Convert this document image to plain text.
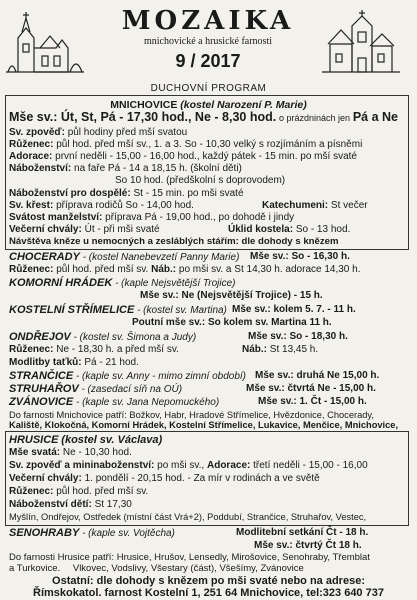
MOZAIKA
mnichovické a hrusické farnosti
9 / 2017
DUCHOVNÍ PROGRAM
MNICHOVICE (kostel Narození P. Marie)
Mše sv.: Út, St, Pá - 17,30 hod., Ne - 8,30 hod. o prázdninách jen Pá a Ne
Sv. zpověď: půl hodiny před mší svatou
Růženec: půl hod. před mší sv., 1. a 3. So - 10,30 velký s rozjímáním a písněmi
Adorace: první neděli - 15,00 - 16,00 hod., každý pátek - 15 min. po mší svaté
Náboženství: na faře Pá - 14 a 18,15 h. (školní děti)
So 10 hod. (předškolní s doprovodem)
Náboženství pro dospělé: St - 15 min. po mši svaté
Sv. křest: příprava rodičů So - 14,00 hod.	Katechumeni: St večer
Svátost manželství: příprava Pá - 19,00 hod., po dohodě i jindy
Večerní chvály: Út - při mši svaté	Úklid kostela: So - 13 hod.
Návštěva kněze u nemocných a zesláblých stářím: dle dohody s knězem
CHOCERADY - (kostel Nanebevzetí Panny Marie) Mše sv.: So - 16,30 h.
Růženec: půl hod. před mší sv. Náb.: po mši sv. a St 14,30 h. adorace 14,30 h.
KOMORNÍ HRÁDEK - (kaple Nejsvětější Trojice)
Mše sv.: Ne (Nejsvětější Trojice) - 15 h.
KOSTELNÍ STŘÍMELICE - (kostel sv. Martina) Mše sv.: kolem 5. 7. - 11 h.
Poutní mše sv.: So kolem sv. Martina 11 h.
ONDŘEJOV - (kostel sv. Šimona a Judy)	Mše sv.: So - 18,30 h.
Růženec: Ne - 18,30 h. a před mší sv.	Náb.: St 13,45 h.
Modlitby taťků: Pá - 21 hod.
STRANČICE - (kaple sv. Anny - mimo zimní období) Mše sv.: druhá Ne 15,00 h.
STRUHAŘOV - (zasedací síň na OÚ)	Mše sv.: čtvrtá Ne - 15,00 h.
ZVÁNOVICE - (kaple sv. Jana Nepomuckého)	Mše sv.: 1. Čt - 15,00 h.
Do farnosti Mnichovice patří: Božkov, Habr, Hradové Střímelice, Hvězdonice, Chocerady,
Kaliště, Klokočná, Komorní Hrádek, Kostelní Střímelice, Lukavice, Menčice, Mnichovice,
HRUSICE (kostel sv. Václava)
Mše svatá: Ne - 10,30 hod.
Sv. zpověď a mininaboženství: po mši sv., Adorace: třetí neděli - 15,00 - 16,00
Večerní chvály: 1. pondělí - 20,15 hod. - Za mír v rodinách a ve světě
Růženec: půl hod. před mší sv.
Náboženství dětí: St 17,30
Myšlín, Ondřejov, Ostředek (místní část Vrá+2), Poddubí, Strančice, Struhařov, Vestec,
SENOHRABY - (kaple sv. Vojtěcha)	Modlitební setkání Čt - 18 h.
Mše sv.: čtvrtý Čt 18 h.
Do farnosti Hrusice patří: Hrusice, Hrušov, Lensedly, Mirošovice, Senohraby, Třemblat
a Turkovice. Vlkovec, Vodslivy, Všestary (část), Všešímy, Zvánovice
Ostatní: dle dohody s knězem po mši svaté nebo na adrese:
Římskokatol. farnost Kostelní 1, 251 64 Mnichovice, tel:323 640 737
